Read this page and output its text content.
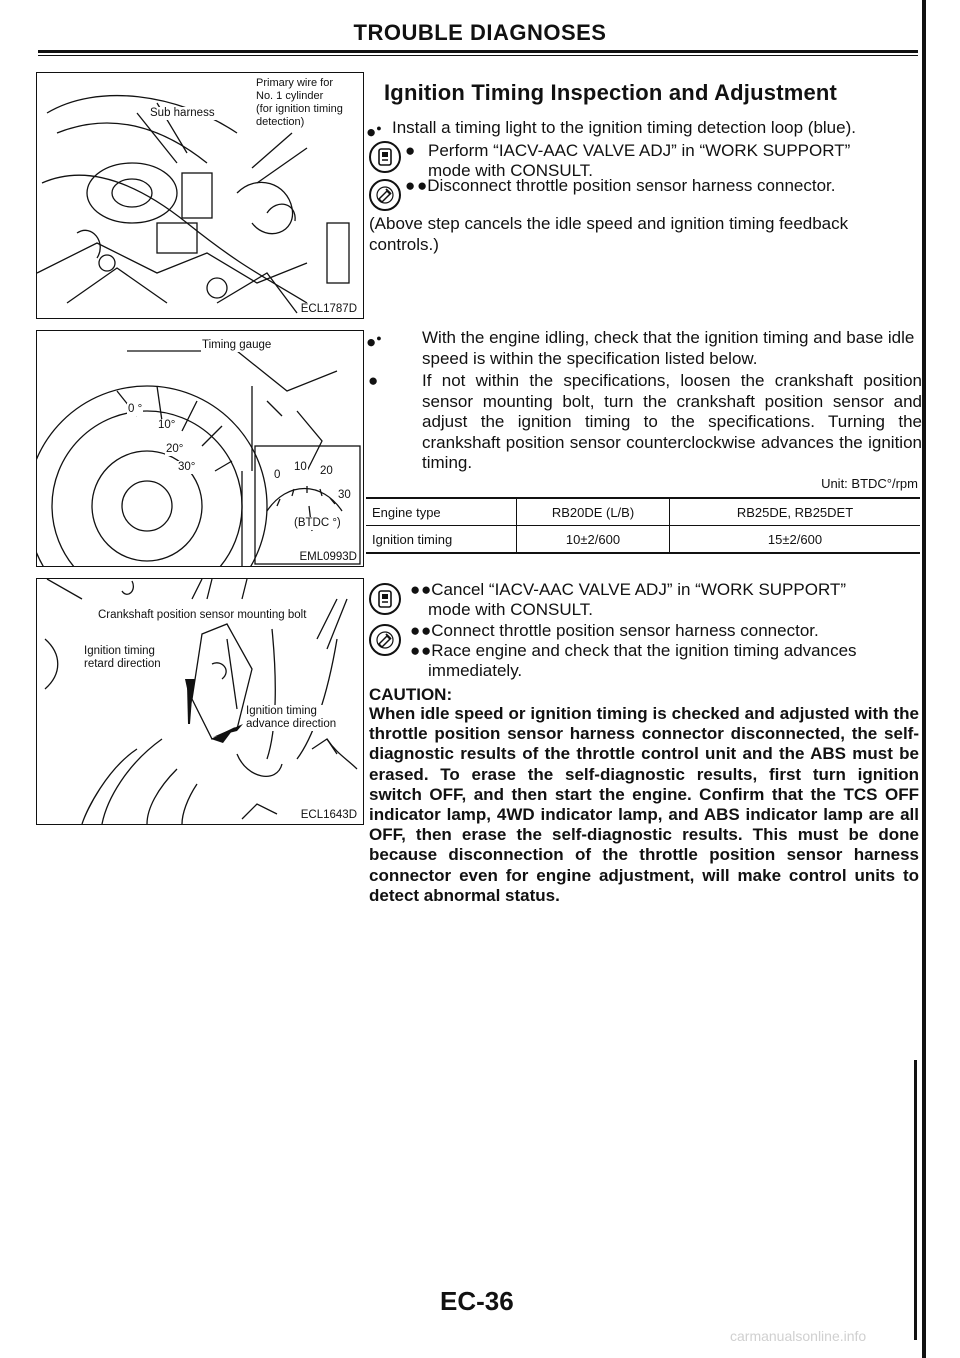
TROUBLE DIAGNOSES
Sub harness
Primary wire for
No. 1 cylinder
(for ignition timing
detection)
ECL1787D
Timing gauge
0 °
10°
20°
30°
0
10 20
30
(BTDC °)
EML0993D
Crankshaft position sensor mounting bolt
Ignition timing
retard direction
Ignition timing
advance direction
ECL1643D
Ignition Timing Inspection and Adjustment
●● Install a timing light to the ignition timing detection loop (blue).
● Perform “IACV-AAC VALVE ADJ” in “WORK SUPPORT”
mode with CONSULT.
● ●Disconnect throttle position sensor harness connector.
(Above step cancels the idle speed and ignition timing feedback controls.)
●● With the engine idling, check that the ignition timing and base idle speed is within the specification listed below.
●	If not within the specifications, loosen the crankshaft position sensor mounting bolt, turn the crankshaft position sensor and adjust the ignition timing to the specifications. Turning the crankshaft position sensor counterclockwise advances the ignition timing.
Unit: BTDC°/rpm
Engine type	RB20DE (L/B)	RB25DE, RB25DET
Ignition timing	10±2/600	15±2/600
● ●Cancel “IACV-AAC VALVE ADJ” in “WORK SUPPORT”
mode with CONSULT.
● ●Connect throttle position sensor harness connector.
● ●Race engine and check that the ignition timing advances
immediately.
CAUTION:
When idle speed or ignition timing is checked and adjusted with the throttle position sensor harness connector disconnected, the self-diagnostic results of the throttle control unit and the ABS must be erased. To erase the self-diagnostic results, first turn ignition switch OFF, and then start the engine. Confirm that the TCS OFF indicator lamp, 4WD indicator lamp, and ABS indicator lamp are all OFF, then erase the self-diagnostic results. This must be done because disconnection of the throttle position sensor harness connector even for engine adjustment, will make control units to detect abnormal status.
EC-36
carmanualsonline.info
